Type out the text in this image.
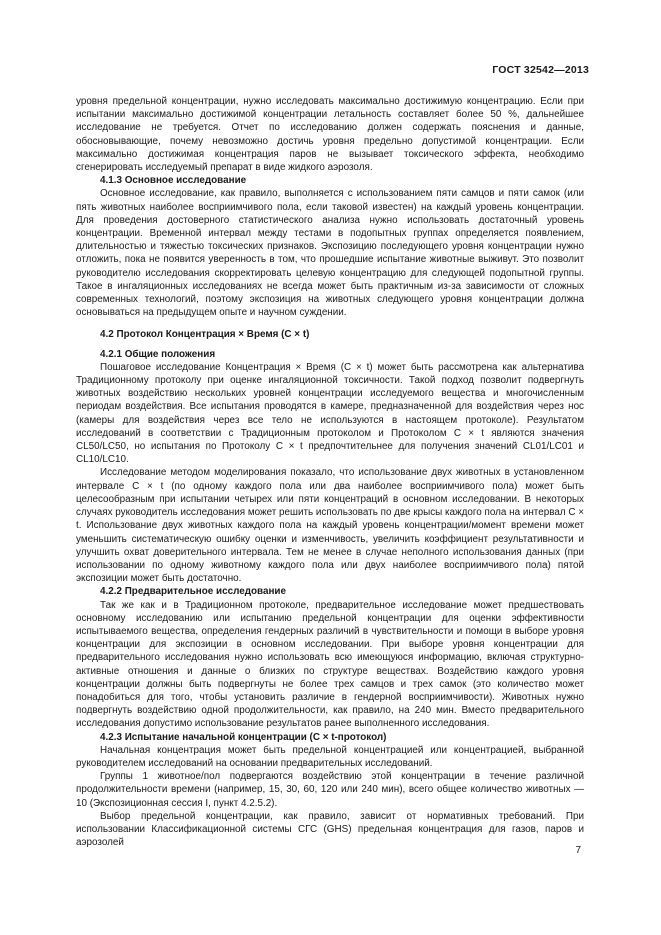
ГОСТ 32542—2013

уровня предельной концентрации, нужно исследовать максимально достижимую концентрацию. Если при испытании максимально достижимой концентрации летальность составляет более 50 %, дальнейшее исследование не требуется. Отчет по исследованию должен содержать пояснения и данные, обосновывающие, почему невозможно достичь уровня предельно допустимой концентрации. Если максимально достижимая концентрация паров не вызывает токсического эффекта, необходимо сгенерировать исследуемый препарат в виде жидкого аэрозоля.

4.1.3 Основное исследование

Основное исследование, как правило, выполняется с использованием пяти самцов и пяти самок (или пять животных наиболее восприимчивого пола, если таковой известен) на каждый уровень концентрации. Для проведения достоверного статистического анализа нужно использовать достаточный уровень концентрации. Временной интервал между тестами в подопытных группах определяется появлением, длительностью и тяжестью токсических признаков. Экспозицию последующего уровня концентрации нужно отложить, пока не появится уверенность в том, что прошедшие испытание животные выживут. Это позволит руководителю исследования скорректировать целевую концентрацию для следующей подопытной группы. Такое в ингаляционных исследованиях не всегда может быть практичным из-за зависимости от сложных современных технологий, поэтому экспозиция на животных следующего уровня концентрации должна основываться на предыдущем опыте и научном суждении.

4.2 Протокол Концентрация × Время (C × t)

4.2.1 Общие положения

Пошаговое исследование Концентрация × Время (C × t) может быть рассмотрена как альтернатива Традиционному протоколу при оценке ингаляционной токсичности. Такой подход позволит подвергнуть животных воздействию нескольких уровней концентрации исследуемого вещества и многочисленным периодам воздействия. Все испытания проводятся в камере, предназначенной для воздействия через нос (камеры для воздействия через все тело не используются в настоящем протоколе). Результатом исследований в соответствии с Традиционным протоколом и Протоколом C × t являются значения CL50/LC50, но испытания по Протоколу C × t предпочтительнее для получения значений CL01/LC01 и CL10/LC10.

Исследование методом моделирования показало, что использование двух животных в установленном интервале C × t (по одному каждого пола или два наиболее восприимчивого пола) может быть целесообразным при испытании четырех или пяти концентраций в основном исследовании. В некоторых случаях руководитель исследования может решить использовать по две крысы каждого пола на интервал C × t. Использование двух животных каждого пола на каждый уровень концентрации/момент времени может уменьшить систематическую ошибку оценки и изменчивость, увеличить коэффициент результативности и улучшить охват доверительного интервала. Тем не менее в случае неполного использования данных (при использовании по одному животному каждого пола или двух наиболее восприимчивого пола) пятой экспозиции может быть достаточно.

4.2.2 Предварительное исследование

Так же как и в Традиционном протоколе, предварительное исследование может предшествовать основному исследованию или испытанию предельной концентрации для оценки эффективности испытываемого вещества, определения гендерных различий в чувствительности и помощи в выборе уровня концентрации для экспозиции в основном исследовании. При выборе уровня концентрации для предварительного исследования нужно использовать всю имеющуюся информацию, включая структурно-активные отношения и данные о близких по структуре веществах. Воздействию каждого уровня концентрации должны быть подвергнуты не более трех самцов и трех самок (это количество может понадобиться для того, чтобы установить различие в гендерной восприимчивости). Животных нужно подвергнуть воздействию одной продолжительности, как правило, на 240 мин. Вместо предварительного исследования допустимо использование результатов ранее выполненного исследования.

4.2.3 Испытание начальной концентрации (C × t-протокол)

Начальная концентрация может быть предельной концентрацией или концентрацией, выбранной руководителем исследований на основании предварительных исследований.

Группы 1 животное/пол подвергаются воздействию этой концентрации в течение различной продолжительности времени (например, 15, 30, 60, 120 или 240 мин), всего общее количество животных — 10 (Экспозиционная сессия I, пункт 4.2.5.2).

Выбор предельной концентрации, как правило, зависит от нормативных требований. При использовании Классификационной системы СГС (GHS) предельная концентрация для газов, паров и аэрозолей

7
